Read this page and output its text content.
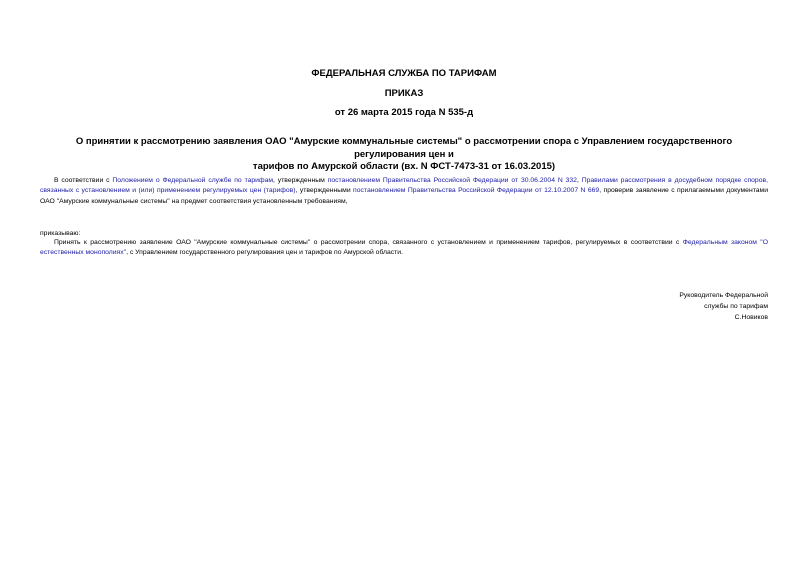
ФЕДЕРАЛЬНАЯ СЛУЖБА ПО ТАРИФАМ
ПРИКАЗ
от 26 марта 2015 года N 535-д
О принятии к рассмотрению заявления ОАО "Амурские коммунальные системы" о рассмотрении спора с Управлением государственного регулирования цен и
тарифов по Амурской области (вх. N ФСТ-7473-31 от 16.03.2015)
В соответствии с Положением о Федеральной службе по тарифам, утвержденным постановлением Правительства Российской Федерации от 30.06.2004 N 332, Правилами рассмотрения в досудебном порядке споров, связанных с установлением и (или) применением регулируемых цен (тарифов), утвержденными постановлением Правительства Российской Федерации от 12.10.2007 N 669, проверив заявление с прилагаемыми документами ОАО "Амурские коммунальные системы" на предмет соответствия установленным требованиям,
приказываю:
Принять к рассмотрению заявление ОАО "Амурские коммунальные системы" о рассмотрении спора, связанного с установлением и применением тарифов, регулируемых в соответствии с Федеральным законом "О естественных монополиях", с Управлением государственного регулирования цен и тарифов по Амурской области.
Руководитель Федеральной
службы по тарифам
С.Новиков
